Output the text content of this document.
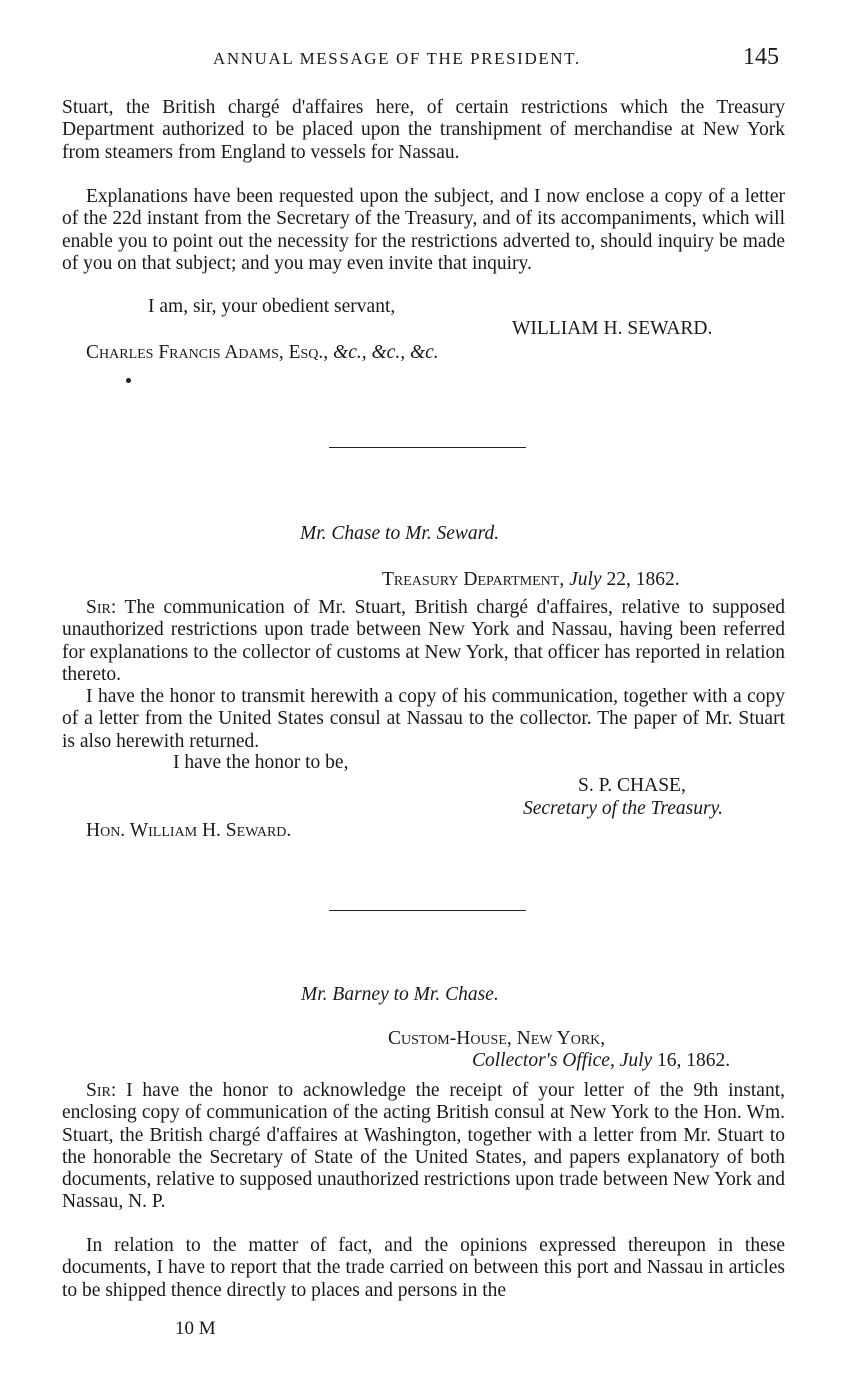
ANNUAL MESSAGE OF THE PRESIDENT.	145
Stuart, the British chargé d'affaires here, of certain restrictions which the Treasury Department authorized to be placed upon the transhipment of merchandise at New York from steamers from England to vessels for Nassau.
Explanations have been requested upon the subject, and I now enclose a copy of a letter of the 22d instant from the Secretary of the Treasury, and of its accompaniments, which will enable you to point out the necessity for the restrictions adverted to, should inquiry be made of you on that subject; and you may even invite that inquiry.
I am, sir, your obedient servant,
WILLIAM H. SEWARD.
Charles Francis Adams, Esq., &c., &c., &c.
Mr. Chase to Mr. Seward.
Treasury Department, July 22, 1862.
Sir: The communication of Mr. Stuart, British chargé d'affaires, relative to supposed unauthorized restrictions upon trade between New York and Nassau, having been referred for explanations to the collector of customs at New York, that officer has reported in relation thereto.
I have the honor to transmit herewith a copy of his communication, together with a copy of a letter from the United States consul at Nassau to the collector. The paper of Mr. Stuart is also herewith returned.
I have the honor to be,
S. P. CHASE,
Secretary of the Treasury.
Hon. William H. Seward.
Mr. Barney to Mr. Chase.
Custom-House, New York,
Collector's Office, July 16, 1862.
Sir: I have the honor to acknowledge the receipt of your letter of the 9th instant, enclosing copy of communication of the acting British consul at New York to the Hon. Wm. Stuart, the British chargé d'affaires at Washington, together with a letter from Mr. Stuart to the honorable the Secretary of State of the United States, and papers explanatory of both documents, relative to supposed unauthorized restrictions upon trade between New York and Nassau, N. P.
In relation to the matter of fact, and the opinions expressed thereupon in these documents, I have to report that the trade carried on between this port and Nassau in articles to be shipped thence directly to places and persons in the
10 M
